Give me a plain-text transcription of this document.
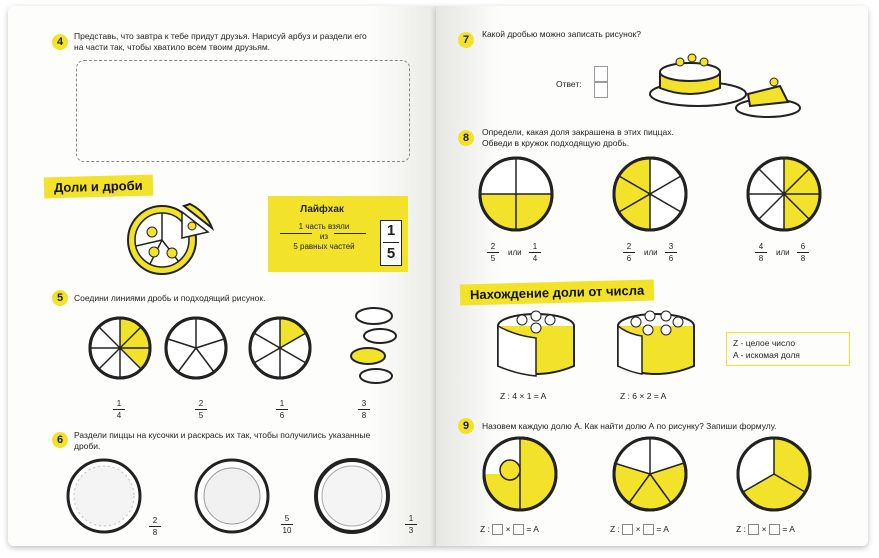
4	Представь, что завтра к тебе придут друзья. Нарисуй арбуз и раздели его
на части так, чтобы хватило всем твоим друзьям.
Доли и дроби
Лайфхак
1 часть взяли
из
5 равных частей
1
5
5	Соедини линиями дробь и подходящий рисунок.
1
4
2
5
1
6
3
8
6	Раздели пиццы на кусочки и раскрась их так, чтобы получились указанные
дроби.
2
8
5
10
1
3
7	Какой дробью можно записать рисунок?
Ответ:
8	Определи, какая доля закрашена в этих пиццах.
Обведи в кружок подходящую дробь.
2
5
или
1
4
2
6
или
3
6
4
8
или
6
8
Нахождение доли от числа
Z : 4 × 1 = A	Z : 6 × 2 = A
Z - целое число
A - искомая доля
9	Назовем каждую долю А. Как найти долю А по рисунку? Запиши формулу.
Z : × = A	Z : × = A	Z : × = A
